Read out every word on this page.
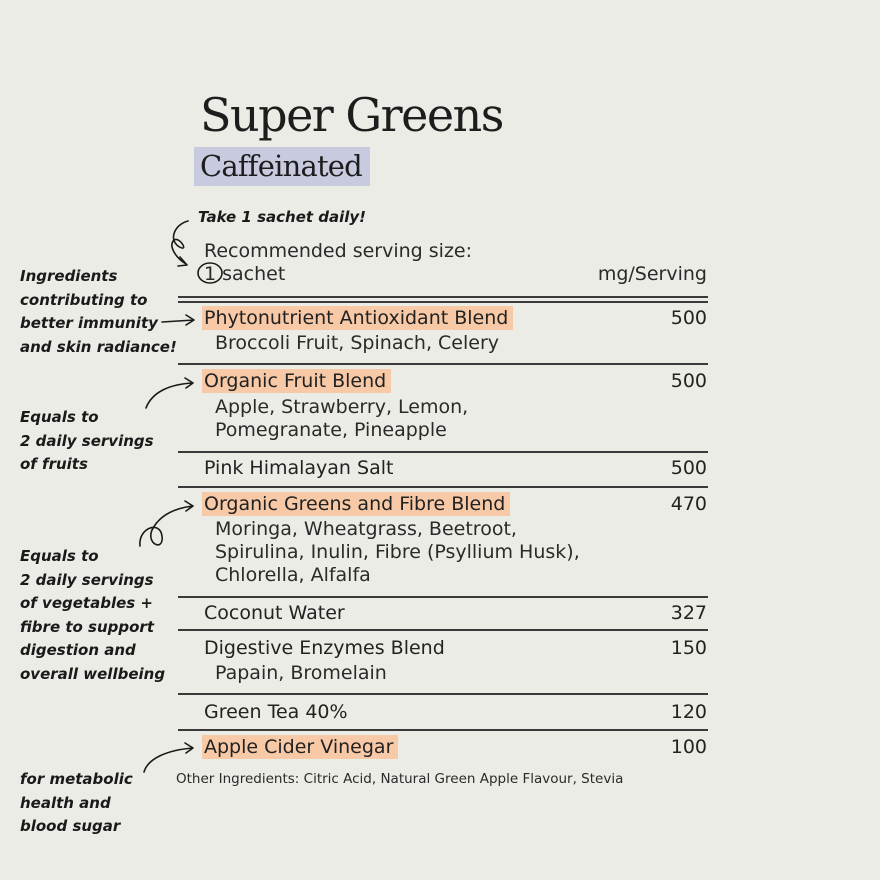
Super Greens
Caffeinated
Take 1 sachet daily!
Ingredients
contributing to
better immunity
and skin radiance!
Equals to
2 daily servings
of fruits
Equals to
2 daily servings
of vegetables +
fibre to support
digestion and
overall wellbeing
for metabolic
health and
blood sugar
Recommended serving size:
1 sachet	mg/Serving
Phytonutrient Antioxidant Blend	500
Broccoli Fruit, Spinach, Celery
Organic Fruit Blend	500
Apple, Strawberry, Lemon,
Pomegranate, Pineapple
Pink Himalayan Salt	500
Organic Greens and Fibre Blend	470
Moringa, Wheatgrass, Beetroot,
Spirulina, Inulin, Fibre (Psyllium Husk),
Chlorella, Alfalfa
Coconut Water	327
Digestive Enzymes Blend	150
Papain, Bromelain
Green Tea 40%	120
Apple Cider Vinegar	100
Other Ingredients: Citric Acid, Natural Green Apple Flavour, Stevia
